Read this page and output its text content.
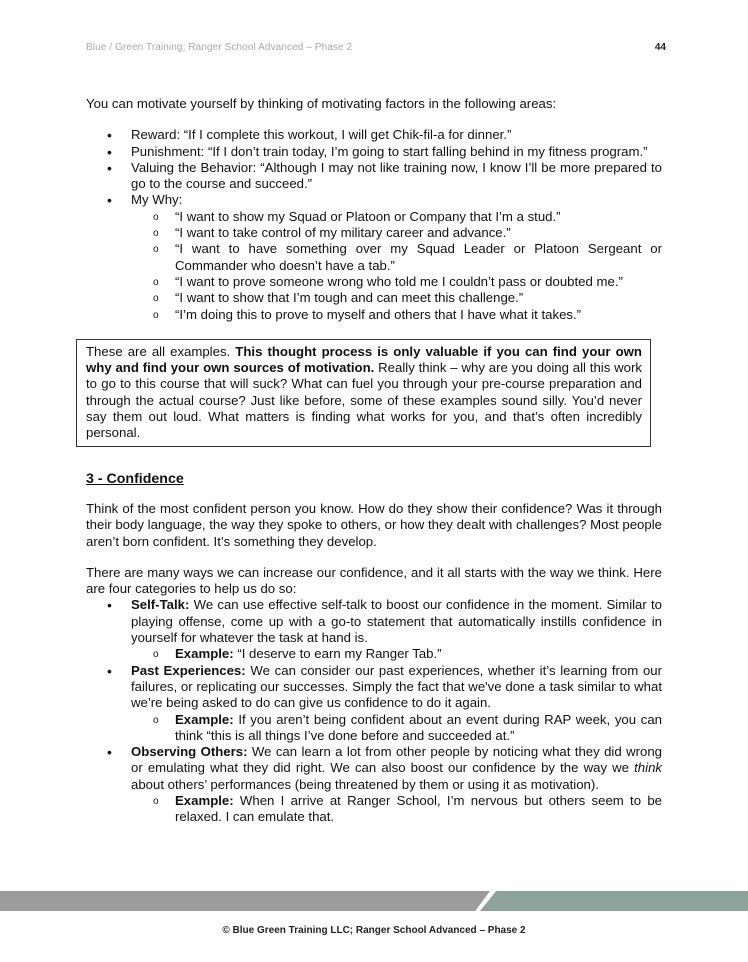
Blue / Green Training; Ranger School Advanced – Phase 2	44

You can motivate yourself by thinking of motivating factors in the following areas:

• Reward: “If I complete this workout, I will get Chik-fil-a for dinner.”
• Punishment: “If I don’t train today, I’m going to start falling behind in my fitness program.”
• Valuing the Behavior: “Although I may not like training now, I know I’ll be more prepared to go to the course and succeed.”
• My Why:
o “I want to show my Squad or Platoon or Company that I’m a stud.”
o “I want to take control of my military career and advance.”
o “I want to have something over my Squad Leader or Platoon Sergeant or Commander who doesn’t have a tab.”
o “I want to prove someone wrong who told me I couldn’t pass or doubted me.”
o “I want to show that I’m tough and can meet this challenge.”
o “I’m doing this to prove to myself and others that I have what it takes.”
These are all examples. This thought process is only valuable if you can find your own why and find your own sources of motivation. Really think – why are you doing all this work to go to this course that will suck? What can fuel you through your pre-course preparation and through the actual course? Just like before, some of these examples sound silly. You’d never say them out loud. What matters is finding what works for you, and that’s often incredibly personal.

3 - Confidence

Think of the most confident person you know. How do they show their confidence? Was it through their body language, the way they spoke to others, or how they dealt with challenges? Most people aren’t born confident. It’s something they develop.

There are many ways we can increase our confidence, and it all starts with the way we think. Here are four categories to help us do so:

• Self-Talk: We can use effective self-talk to boost our confidence in the moment. Similar to playing offense, come up with a go-to statement that automatically instills confidence in yourself for whatever the task at hand is.
o Example: “I deserve to earn my Ranger Tab.”
• Past Experiences: We can consider our past experiences, whether it’s learning from our failures, or replicating our successes. Simply the fact that we've done a task similar to what we’re being asked to do can give us confidence to do it again.
o Example: If you aren’t being confident about an event during RAP week, you can think “this is all things I’ve done before and succeeded at.”
• Observing Others: We can learn a lot from other people by noticing what they did wrong or emulating what they did right. We can also boost our confidence by the way we think about others’ performances (being threatened by them or using it as motivation).
o Example: When I arrive at Ranger School, I’m nervous but others seem to be relaxed. I can emulate that.
© Blue Green Training LLC; Ranger School Advanced – Phase 2
